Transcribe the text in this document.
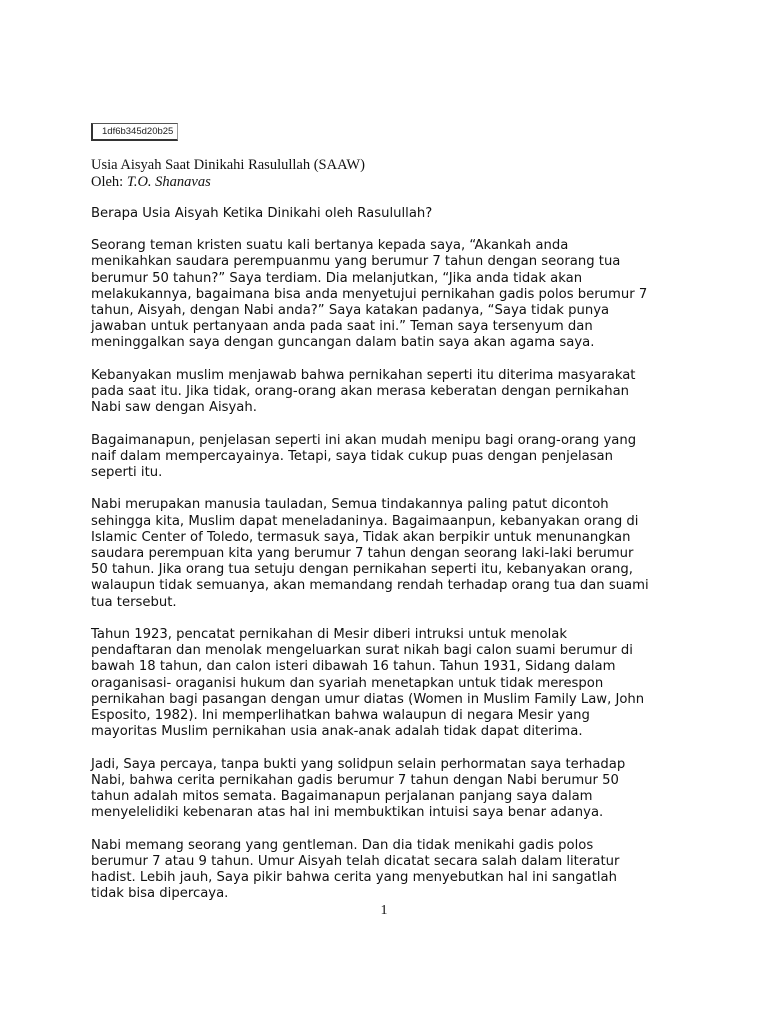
1df6b345d20b25
Usia Aisyah Saat Dinikahi Rasulullah (SAAW)
Oleh: T.O. Shanavas
Berapa Usia Aisyah Ketika Dinikahi oleh Rasulullah?
Seorang teman kristen suatu kali bertanya kepada saya, “Akankah anda
menikahkan saudara perempuanmu yang berumur 7 tahun dengan seorang tua
berumur 50 tahun?” Saya terdiam. Dia melanjutkan, “Jika anda tidak akan
melakukannya, bagaimana bisa anda menyetujui pernikahan gadis polos berumur 7
tahun, Aisyah, dengan Nabi anda?” Saya katakan padanya, “Saya tidak punya
jawaban untuk pertanyaan anda pada saat ini.” Teman saya tersenyum dan
meninggalkan saya dengan guncangan dalam batin saya akan agama saya.
Kebanyakan muslim menjawab bahwa pernikahan seperti itu diterima masyarakat
pada saat itu. Jika tidak, orang-orang akan merasa keberatan dengan pernikahan
Nabi saw dengan Aisyah.
Bagaimanapun, penjelasan seperti ini akan mudah menipu bagi orang-orang yang
naif dalam mempercayainya. Tetapi, saya tidak cukup puas dengan penjelasan
seperti itu.
Nabi merupakan manusia tauladan, Semua tindakannya paling patut dicontoh
sehingga kita, Muslim dapat meneladaninya. Bagaimaanpun, kebanyakan orang di
Islamic Center of Toledo, termasuk saya, Tidak akan berpikir untuk menunangkan
saudara perempuan kita yang berumur 7 tahun dengan seorang laki-laki berumur
50 tahun. Jika orang tua setuju dengan pernikahan seperti itu, kebanyakan orang,
walaupun tidak semuanya, akan memandang rendah terhadap orang tua dan suami
tua tersebut.
Tahun 1923, pencatat pernikahan di Mesir diberi intruksi untuk menolak
pendaftaran dan menolak mengeluarkan surat nikah bagi calon suami berumur di
bawah 18 tahun, dan calon isteri dibawah 16 tahun. Tahun 1931, Sidang dalam
oraganisasi- oraganisi hukum dan syariah menetapkan untuk tidak merespon
pernikahan bagi pasangan dengan umur diatas (Women in Muslim Family Law, John
Esposito, 1982). Ini memperlihatkan bahwa walaupun di negara Mesir yang
mayoritas Muslim pernikahan usia anak-anak adalah tidak dapat diterima.
Jadi, Saya percaya, tanpa bukti yang solidpun selain perhormatan saya terhadap
Nabi, bahwa cerita pernikahan gadis berumur 7 tahun dengan Nabi berumur 50
tahun adalah mitos semata. Bagaimanapun perjalanan panjang saya dalam
menyelelidiki kebenaran atas hal ini membuktikan intuisi saya benar adanya.
Nabi memang seorang yang gentleman. Dan dia tidak menikahi gadis polos
berumur 7 atau 9 tahun. Umur Aisyah telah dicatat secara salah dalam literatur
hadist. Lebih jauh, Saya pikir bahwa cerita yang menyebutkan hal ini sangatlah
tidak bisa dipercaya.
1
